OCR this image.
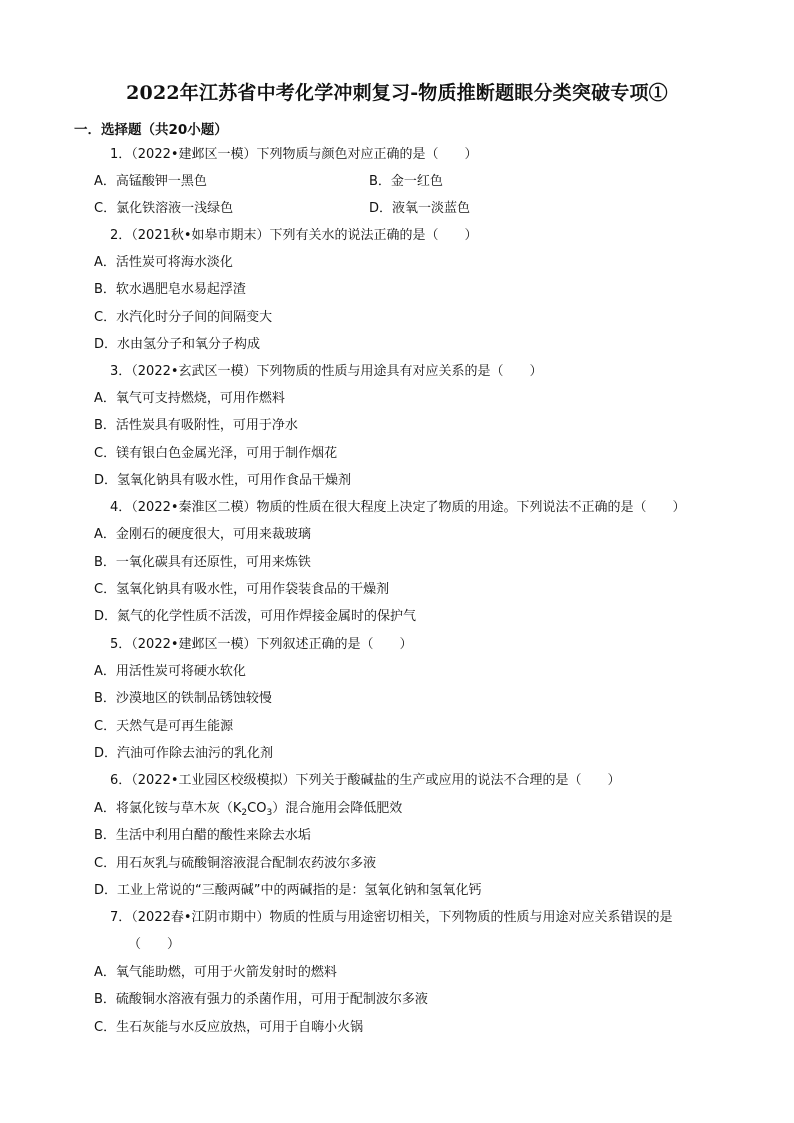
2022年江苏省中考化学冲刺复习-物质推断题眼分类突破专项①
一．选择题（共20小题）
1．（2022•建邺区一模）下列物质与颜色对应正确的是（　　）
A．高锰酸钾一黑色	B．金一红色
C．氯化铁溶液一浅绿色	D．液氧一淡蓝色
2．（2021秋•如皋市期末）下列有关水的说法正确的是（　　）
A．活性炭可将海水淡化
B．软水遇肥皂水易起浮渣
C．水汽化时分子间的间隔变大
D．水由氢分子和氧分子构成
3．（2022•玄武区一模）下列物质的性质与用途具有对应关系的是（　　）
A．氧气可支持燃烧，可用作燃料
B．活性炭具有吸附性，可用于净水
C．镁有银白色金属光泽，可用于制作烟花
D．氢氧化钠具有吸水性，可用作食品干燥剂
4．（2022•秦淮区二模）物质的性质在很大程度上决定了物质的用途。下列说法不正确的是（　　）
A．金刚石的硬度很大，可用来裁玻璃
B．一氧化碳具有还原性，可用来炼铁
C．氢氧化钠具有吸水性，可用作袋装食品的干燥剂
D．氮气的化学性质不活泼，可用作焊接金属时的保护气
5．（2022•建邺区一模）下列叙述正确的是（　　）
A．用活性炭可将硬水软化
B．沙漠地区的铁制品锈蚀较慢
C．天然气是可再生能源
D．汽油可作除去油污的乳化剂
6．（2022•工业园区校级模拟）下列关于酸碱盐的生产或应用的说法不合理的是（　　）
A．将氯化铵与草木灰$(K_2CO_3)$混合施用会降低肥效
B．生活中利用白醋的酸性来除去水垢
C．用石灰乳与硫酸铜溶液混合配制农药波尔多液
D．工业上常说的“三酸两碱”中的两碱指的是：氢氧化钠和氢氧化钙
7．（2022春•江阴市期中）物质的性质与用途密切相关，下列物质的性质与用途对应关系错误的是
（　　）
A．氧气能助燃，可用于火箭发射时的燃料
B．硫酸铜水溶液有强力的杀菌作用，可用于配制波尔多液
C．生石灰能与水反应放热，可用于自嗨小火锅
